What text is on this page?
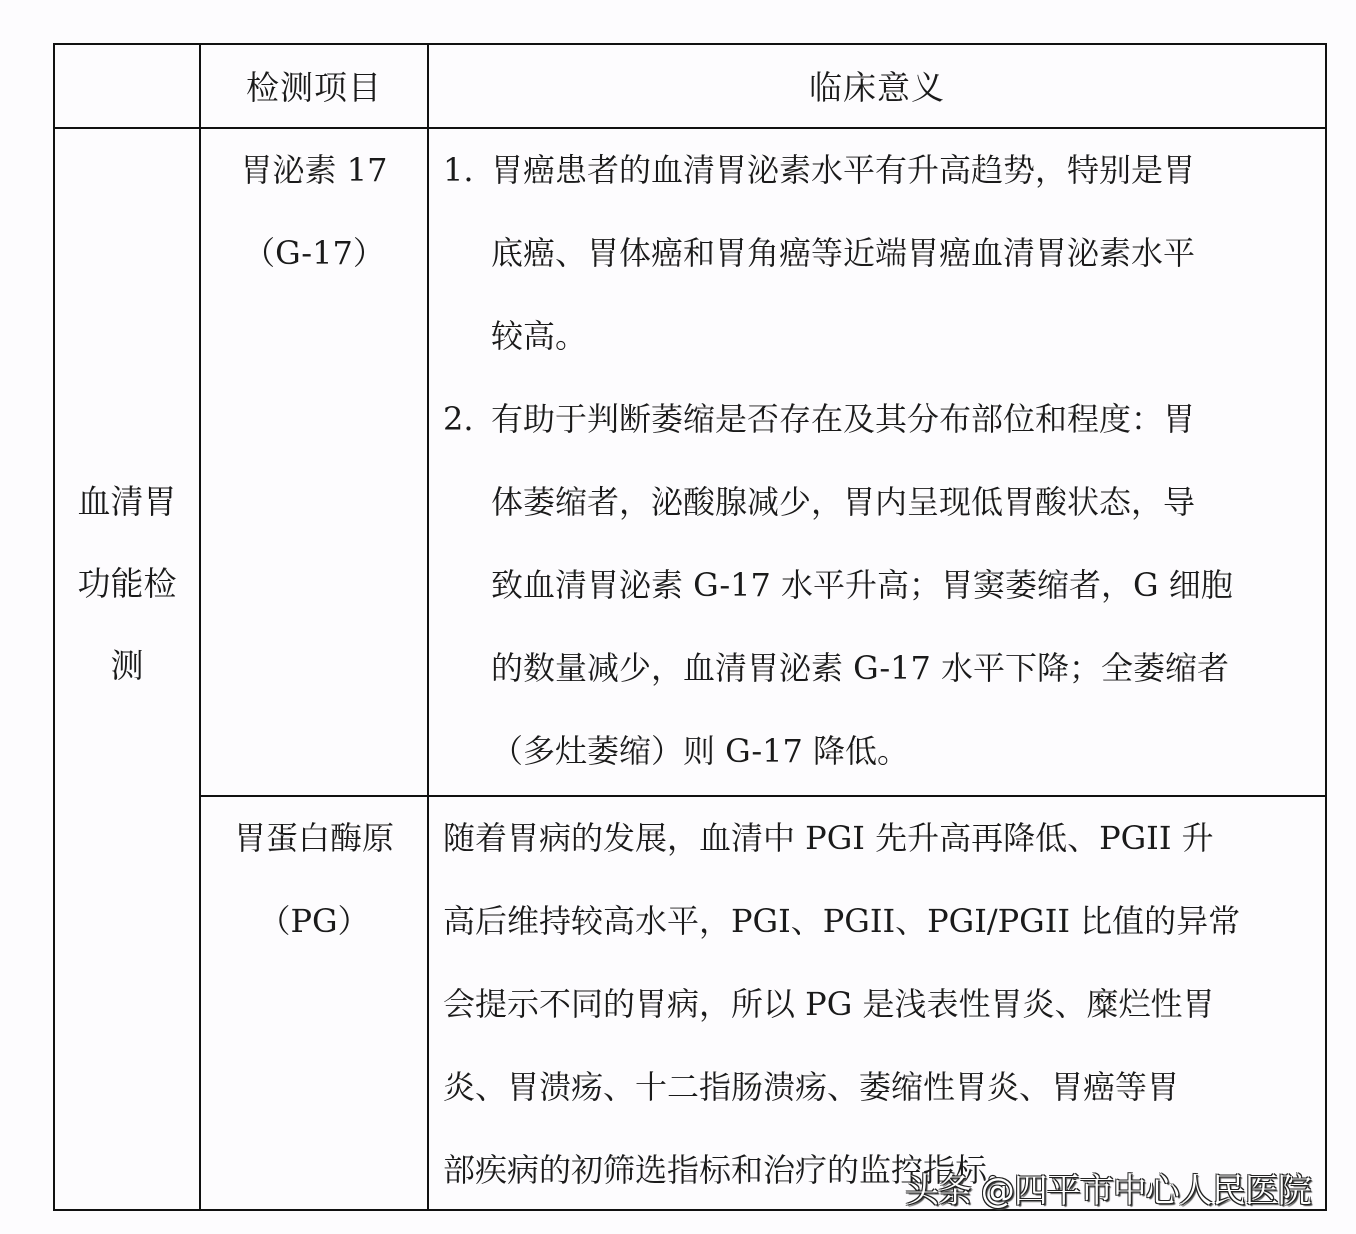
检测项目	临床意义
血清胃
功能检
测
胃泌素 17
（G-17）
1. 胃癌患者的血清胃泌素水平有升高趋势，特别是胃
底癌、胃体癌和胃角癌等近端胃癌血清胃泌素水平
较高。
2. 有助于判断萎缩是否存在及其分布部位和程度：胃
体萎缩者，泌酸腺减少，胃内呈现低胃酸状态，导
致血清胃泌素 G-17 水平升高；胃窦萎缩者，G 细胞
的数量减少，血清胃泌素 G-17 水平下降；全萎缩者
（多灶萎缩）则 G-17 降低。
胃蛋白酶原
（PG）
随着胃病的发展，血清中 PGI 先升高再降低、PGII 升
高后维持较高水平，PGI、PGII、PGI/PGII 比值的异常
会提示不同的胃病，所以 PG 是浅表性胃炎、糜烂性胃
炎、胃溃疡、十二指肠溃疡、萎缩性胃炎、胃癌等胃
部疾病的初筛选指标和治疗的监控指标。
头条 @四平市中心人民医院
